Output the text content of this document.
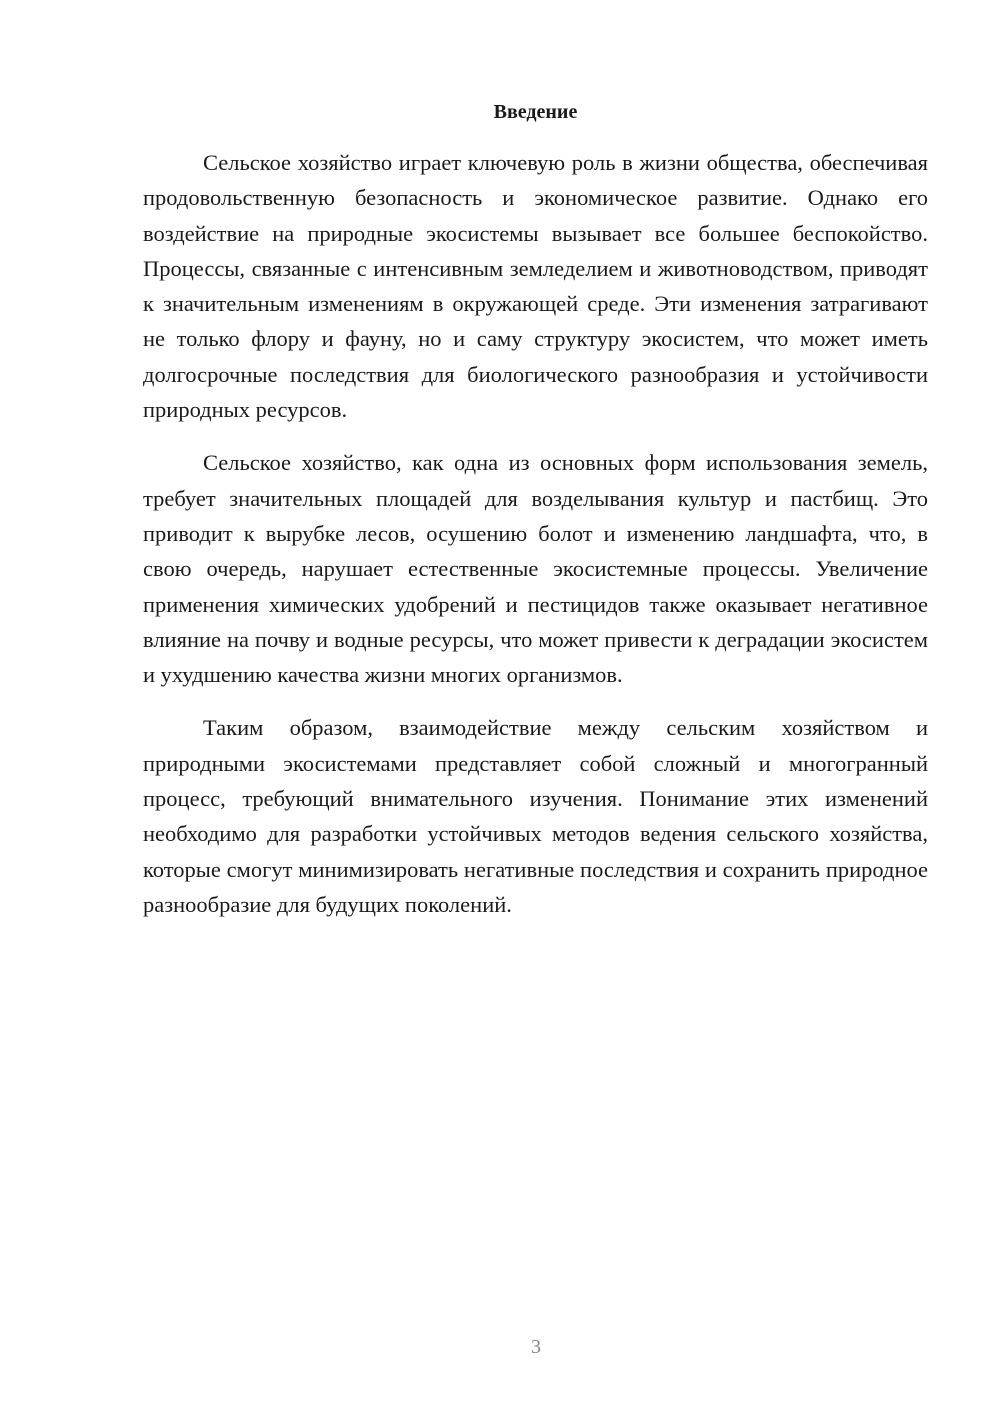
Введение

Сельское хозяйство играет ключевую роль в жизни общества, обеспечивая продовольственную безопасность и экономическое развитие. Однако его воздействие на природные экосистемы вызывает все большее беспокойство. Процессы, связанные с интенсивным земледелием и животноводством, приводят к значительным изменениям в окружающей среде. Эти изменения затрагивают не только флору и фауну, но и саму структуру экосистем, что может иметь долгосрочные последствия для биологического разнообразия и устойчивости природных ресурсов.

Сельское хозяйство, как одна из основных форм использования земель, требует значительных площадей для возделывания культур и пастбищ. Это приводит к вырубке лесов, осушению болот и изменению ландшафта, что, в свою очередь, нарушает естественные экосистемные процессы. Увеличение применения химических удобрений и пестицидов также оказывает негативное влияние на почву и водные ресурсы, что может привести к деградации экосистем и ухудшению качества жизни многих организмов.

Таким образом, взаимодействие между сельским хозяйством и природными экосистемами представляет собой сложный и многогранный процесс, требующий внимательного изучения. Понимание этих изменений необходимо для разработки устойчивых методов ведения сельского хозяйства, которые смогут минимизировать негативные последствия и сохранить природное разнообразие для будущих поколений.

3
